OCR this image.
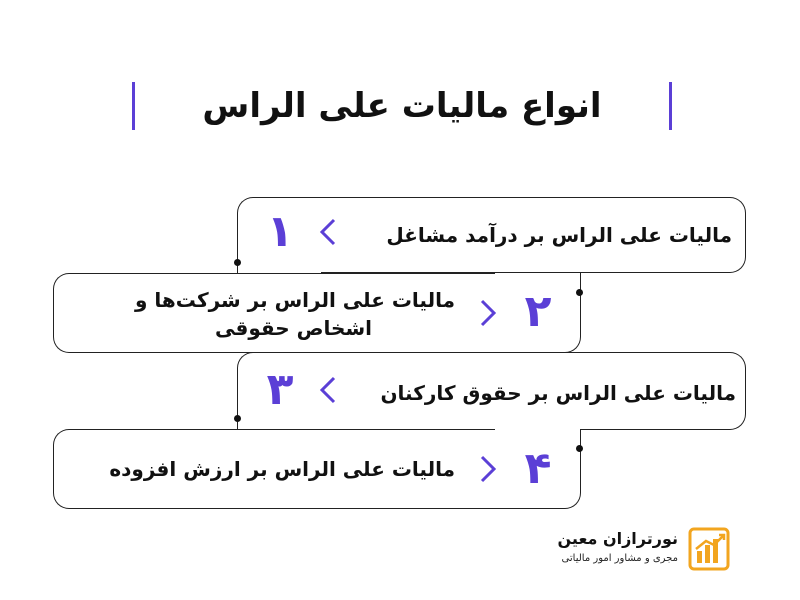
انواع مالیات علی الراس
۱	مالیات علی الراس بر درآمد مشاغل
۲
مالیات علی الراس بر شرکت‌ها و
اشخاص حقوقی
۳	مالیات علی الراس بر حقوق کارکنان
۴
مالیات علی الراس بر ارزش افزوده
نورترازان معین
مجری و مشاور امور مالیاتی
